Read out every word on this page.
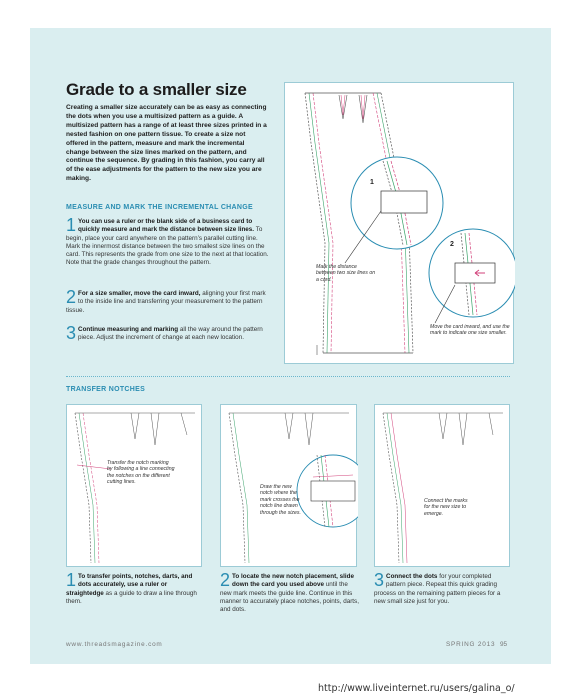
Grade to a smaller size

Creating a smaller size accurately can be as easy as connecting the dots when you use a multisized pattern as a guide. A multisized pattern has a range of at least three sizes printed in a nested fashion on one pattern tissue. To create a size not offered in the pattern, measure and mark the incremental change between the size lines marked on the pattern, and continue the sequence. By grading in this fashion, you carry all of the ease adjustments for the pattern to the new size you are making.

MEASURE AND MARK THE INCREMENTAL CHANGE
1 You can use a ruler or the blank side of a business card to quickly measure and mark the distance between size lines. To begin, place your card anywhere on the pattern’s parallel cutting line. Mark the innermost distance between the two smallest size lines on the card. This represents the grade from one size to the next at that location. Note that the grade changes throughout the pattern.
2 For a size smaller, move the card inward, aligning your first mark to the inside line and transferring your measurement to the pattern tissue.
3 Continue measuring and marking all the way around the pattern piece. Adjust the increment of change at each new location.
1
2
Mark the distance between two size lines on a card.
Move the card inward, and use the mark to indicate one size smaller.
TRANSFER NOTCHES
Transfer the notch marking by following a line connecting the notches on the different cutting lines.
Draw the new notch where the mark crosses the notch line drawn through the sizes.
Connect the marks for the new size to emerge.
1 To transfer points, notches, darts, and dots accurately, use a ruler or straightedge as a guide to draw a line through them.
2 To locate the new notch placement, slide down the card you used above until the new mark meets the guide line. Continue in this manner to accurately place notches, points, darts, and dots.
3 Connect the dots for your completed pattern piece. Repeat this quick grading process on the remaining pattern pieces for a new small size just for you.
www.threadsmagazine.com	SPRING 2013 95
http://www.liveinternet.ru/users/galina_o/
